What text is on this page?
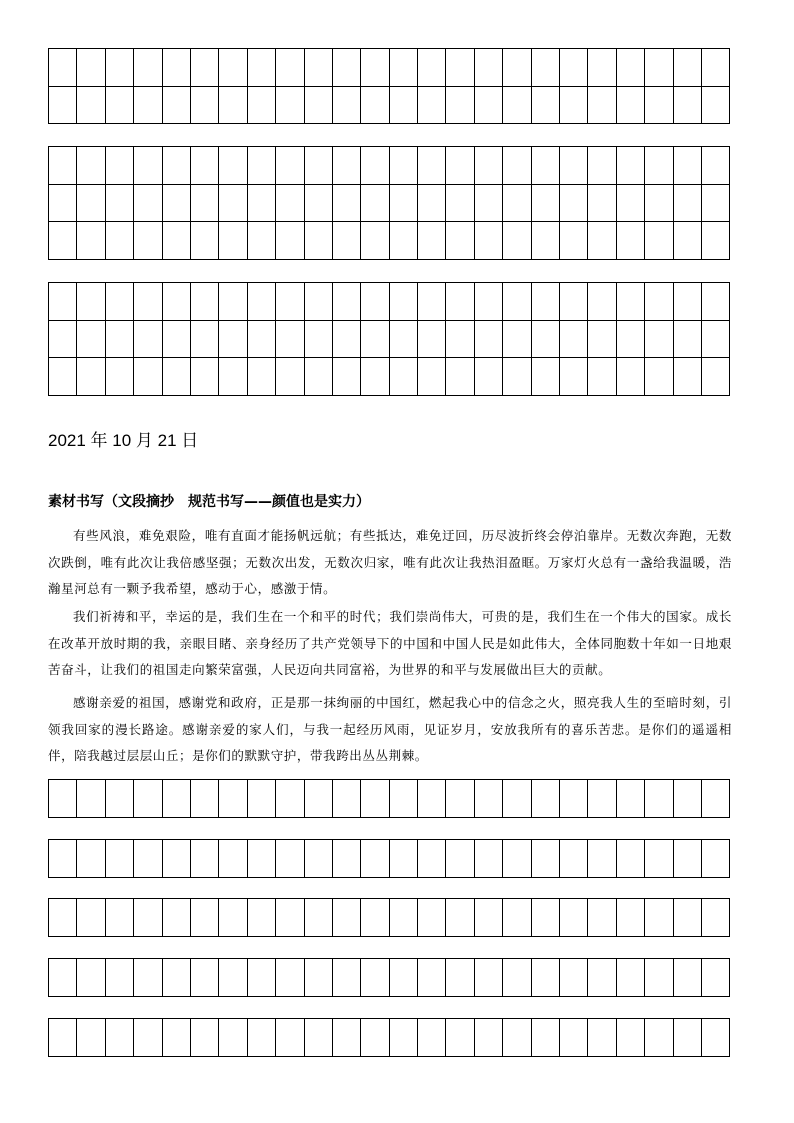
2021 年 10 月 21 日
素材书写（文段摘抄　规范书写——颜值也是实力）

有些风浪，难免艰险，唯有直面才能扬帆远航；有些抵达，难免迂回，历尽波折终会停泊靠岸。无数次奔跑，无数次跌倒，唯有此次让我倍感坚强；无数次出发，无数次归家，唯有此次让我热泪盈眶。万家灯火总有一盏给我温暖，浩瀚星河总有一颗予我希望，感动于心，感激于情。

我们祈祷和平，幸运的是，我们生在一个和平的时代；我们崇尚伟大，可贵的是，我们生在一个伟大的国家。成长在改革开放时期的我，亲眼目睹、亲身经历了共产党领导下的中国和中国人民是如此伟大，全体同胞数十年如一日地艰苦奋斗，让我们的祖国走向繁荣富强，人民迈向共同富裕，为世界的和平与发展做出巨大的贡献。

感谢亲爱的祖国，感谢党和政府，正是那一抹绚丽的中国红，燃起我心中的信念之火，照亮我人生的至暗时刻，引领我回家的漫长路途。感谢亲爱的家人们，与我一起经历风雨，见证岁月，安放我所有的喜乐苦悲。是你们的遥遥相伴，陪我越过层层山丘；是你们的默默守护，带我跨出丛丛荆棘。
